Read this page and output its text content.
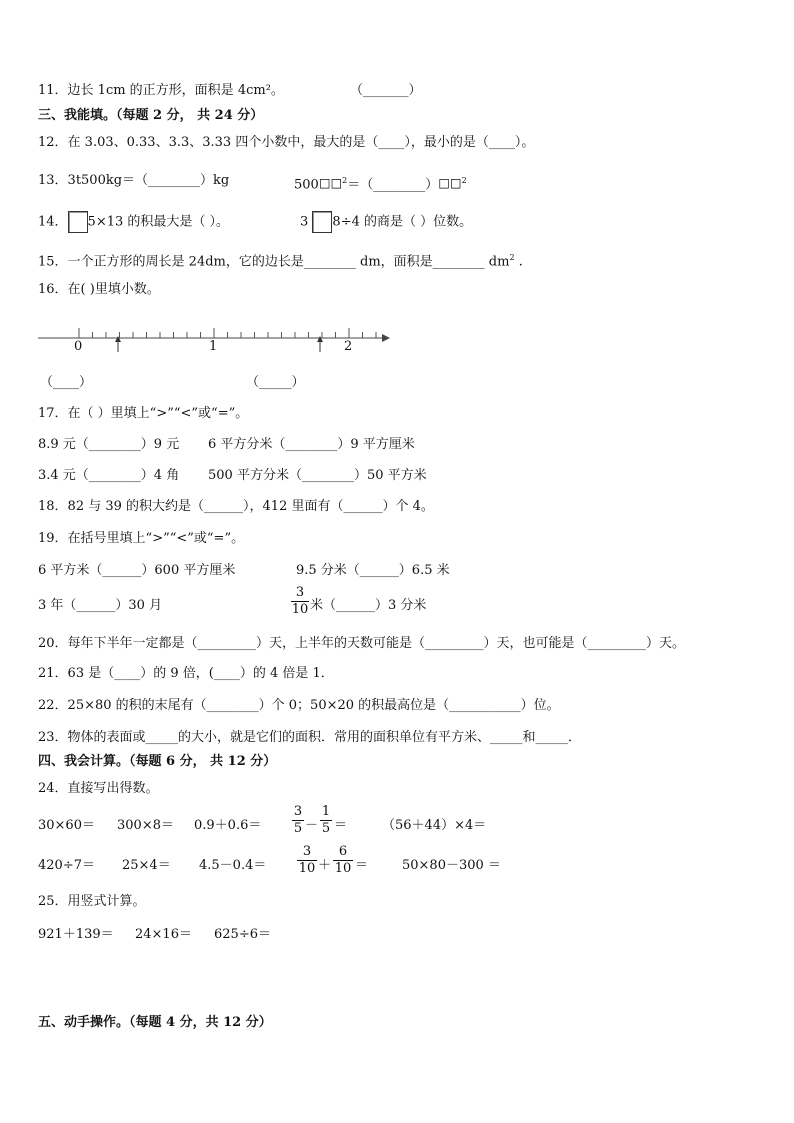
11．边长 1cm 的正方形，面积是 4cm²。	（_______）
三、我能填。（每题 2 分， 共 24 分）
12．在 3.03、0.33、3.3、3.33 四个小数中，最大的是（____），最小的是（____）。
13．3t500kg＝（________）kg	500☐☐$^2$＝（________）☐☐$^2$
14． 5×13 的积最大是（ ）。	3 8÷4 的商是（ ）位数。
15．一个正方形的周长是 24dm，它的边长是________ dm，面积是________ $dm^2$ .
16．在( )里填小数。
0	1	2
（____）	（_____）
17．在（ ）里填上“>”“<”或“=”。
8.9 元（________）9 元 6 平方分米（________）9 平方厘米
3.4 元（________）4 角 500 平方分米（________）50 平方米
18．82 与 39 的积大约是（______），412 里面有（______）个 4。
19．在括号里填上“>”“<”或“=”。
6 平方米（______）600 平方厘米	9.5 分米（______）6.5 米
3 年（______）30 月
3
10 米（______）3 分米
20．每年下半年一定都是（_________）天，上半年的天数可能是（_________）天，也可能是（_________）天。
21．63 是（____）的 9 倍，(____）的 4 倍是 1．
22．25×80 的积的末尾有（________）个 0；50×20 的积最高位是（___________）位。
23．物体的表面或_____的大小，就是它们的面积．常用的面积单位有平方米、_____和_____．
四、我会计算。（每题 6 分， 共 12 分）
24．直接写出得数。
30×60＝ 300×8＝ 0.9＋0.6＝
3
5 －
1
5 ＝	（56＋44）×4＝
420÷7＝ 25×4＝ 4.5－0.4＝
3
10 ＋
6
10 ＝	50×80－300 ＝
25．用竖式计算。
921＋139＝ 24×16＝ 625÷6＝
五、动手操作。（每题 4 分，共 12 分）
